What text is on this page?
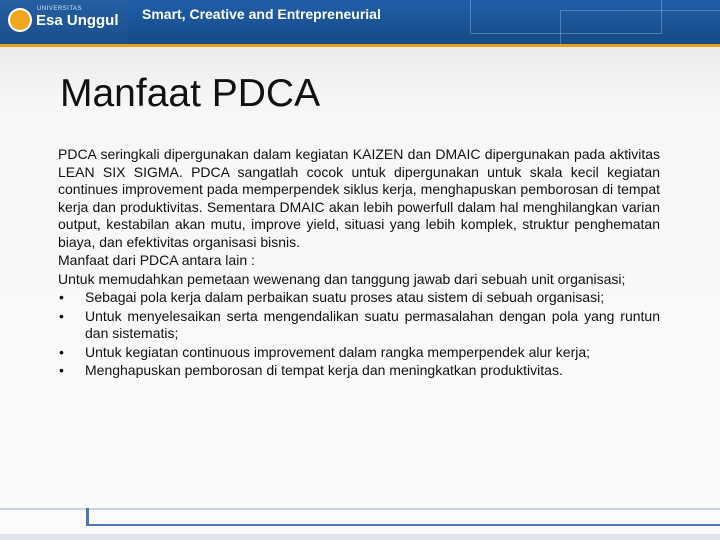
UNIVERSITAS
Esa Unggul Smart, Creative and Entrepreneurial
Manfaat PDCA

PDCA seringkali dipergunakan dalam kegiatan KAIZEN dan DMAIC dipergunakan pada aktivitas LEAN SIX SIGMA. PDCA sangatlah cocok untuk dipergunakan untuk skala kecil kegiatan continues improvement pada memperpendek siklus kerja, menghapuskan pemborosan di tempat kerja dan produktivitas. Sementara DMAIC akan lebih powerfull dalam hal menghilangkan varian output, kestabilan akan mutu, improve yield, situasi yang lebih komplek, struktur penghematan biaya, dan efektivitas organisasi bisnis.

Manfaat dari PDCA antara lain :

Untuk memudahkan pemetaan wewenang dan tanggung jawab dari sebuah unit organisasi;

• Sebagai pola kerja dalam perbaikan suatu proses atau sistem di sebuah organisasi;
• Untuk menyelesaikan serta mengendalikan suatu permasalahan dengan pola yang runtun dan sistematis;
• Untuk kegiatan continuous improvement dalam rangka memperpendek alur kerja;
• Menghapuskan pemborosan di tempat kerja dan meningkatkan produktivitas.
